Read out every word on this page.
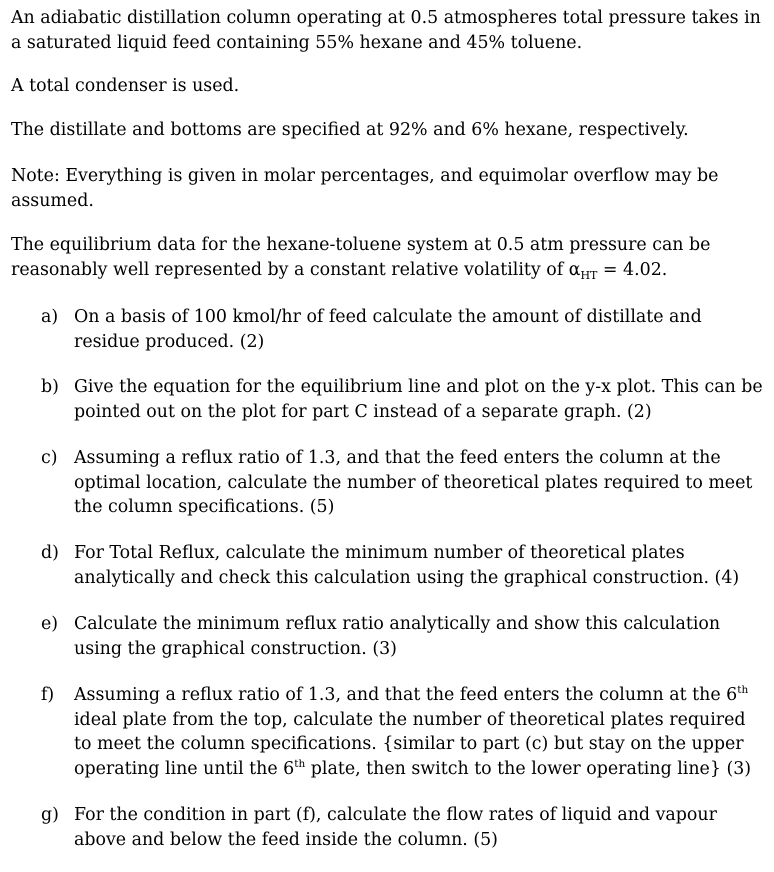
An adiabatic distillation column operating at 0.5 atmospheres total pressure takes in a saturated liquid feed containing 55% hexane and 45% toluene.

A total condenser is used.

The distillate and bottoms are specified at 92% and 6% hexane, respectively.

Note: Everything is given in molar percentages, and equimolar overflow may be assumed.

The equilibrium data for the hexane-toluene system at 0.5 atm pressure can be reasonably well represented by a constant relative volatility of $\alpha_{HT} = 4.02$.

a) On a basis of 100 kmol/hr of feed calculate the amount of distillate and residue produced. (2)
b) Give the equation for the equilibrium line and plot on the y-x plot. This can be pointed out on the plot for part C instead of a separate graph. (2)
c) Assuming a reflux ratio of 1.3, and that the feed enters the column at the optimal location, calculate the number of theoretical plates required to meet the column specifications. (5)
d) For Total Reflux, calculate the minimum number of theoretical plates analytically and check this calculation using the graphical construction. (4)
e) Calculate the minimum reflux ratio analytically and show this calculation using the graphical construction. (3)
f)	Assuming a reflux ratio of 1.3, and that the feed enters the column at the 6th ideal plate from the top, calculate the number of theoretical plates required to meet the column specifications. {similar to part (c) but stay on the upper operating line until the 6th plate, then switch to the lower operating line} (3)
g) For the condition in part (f), calculate the flow rates of liquid and vapour above and below the feed inside the column. (5)
